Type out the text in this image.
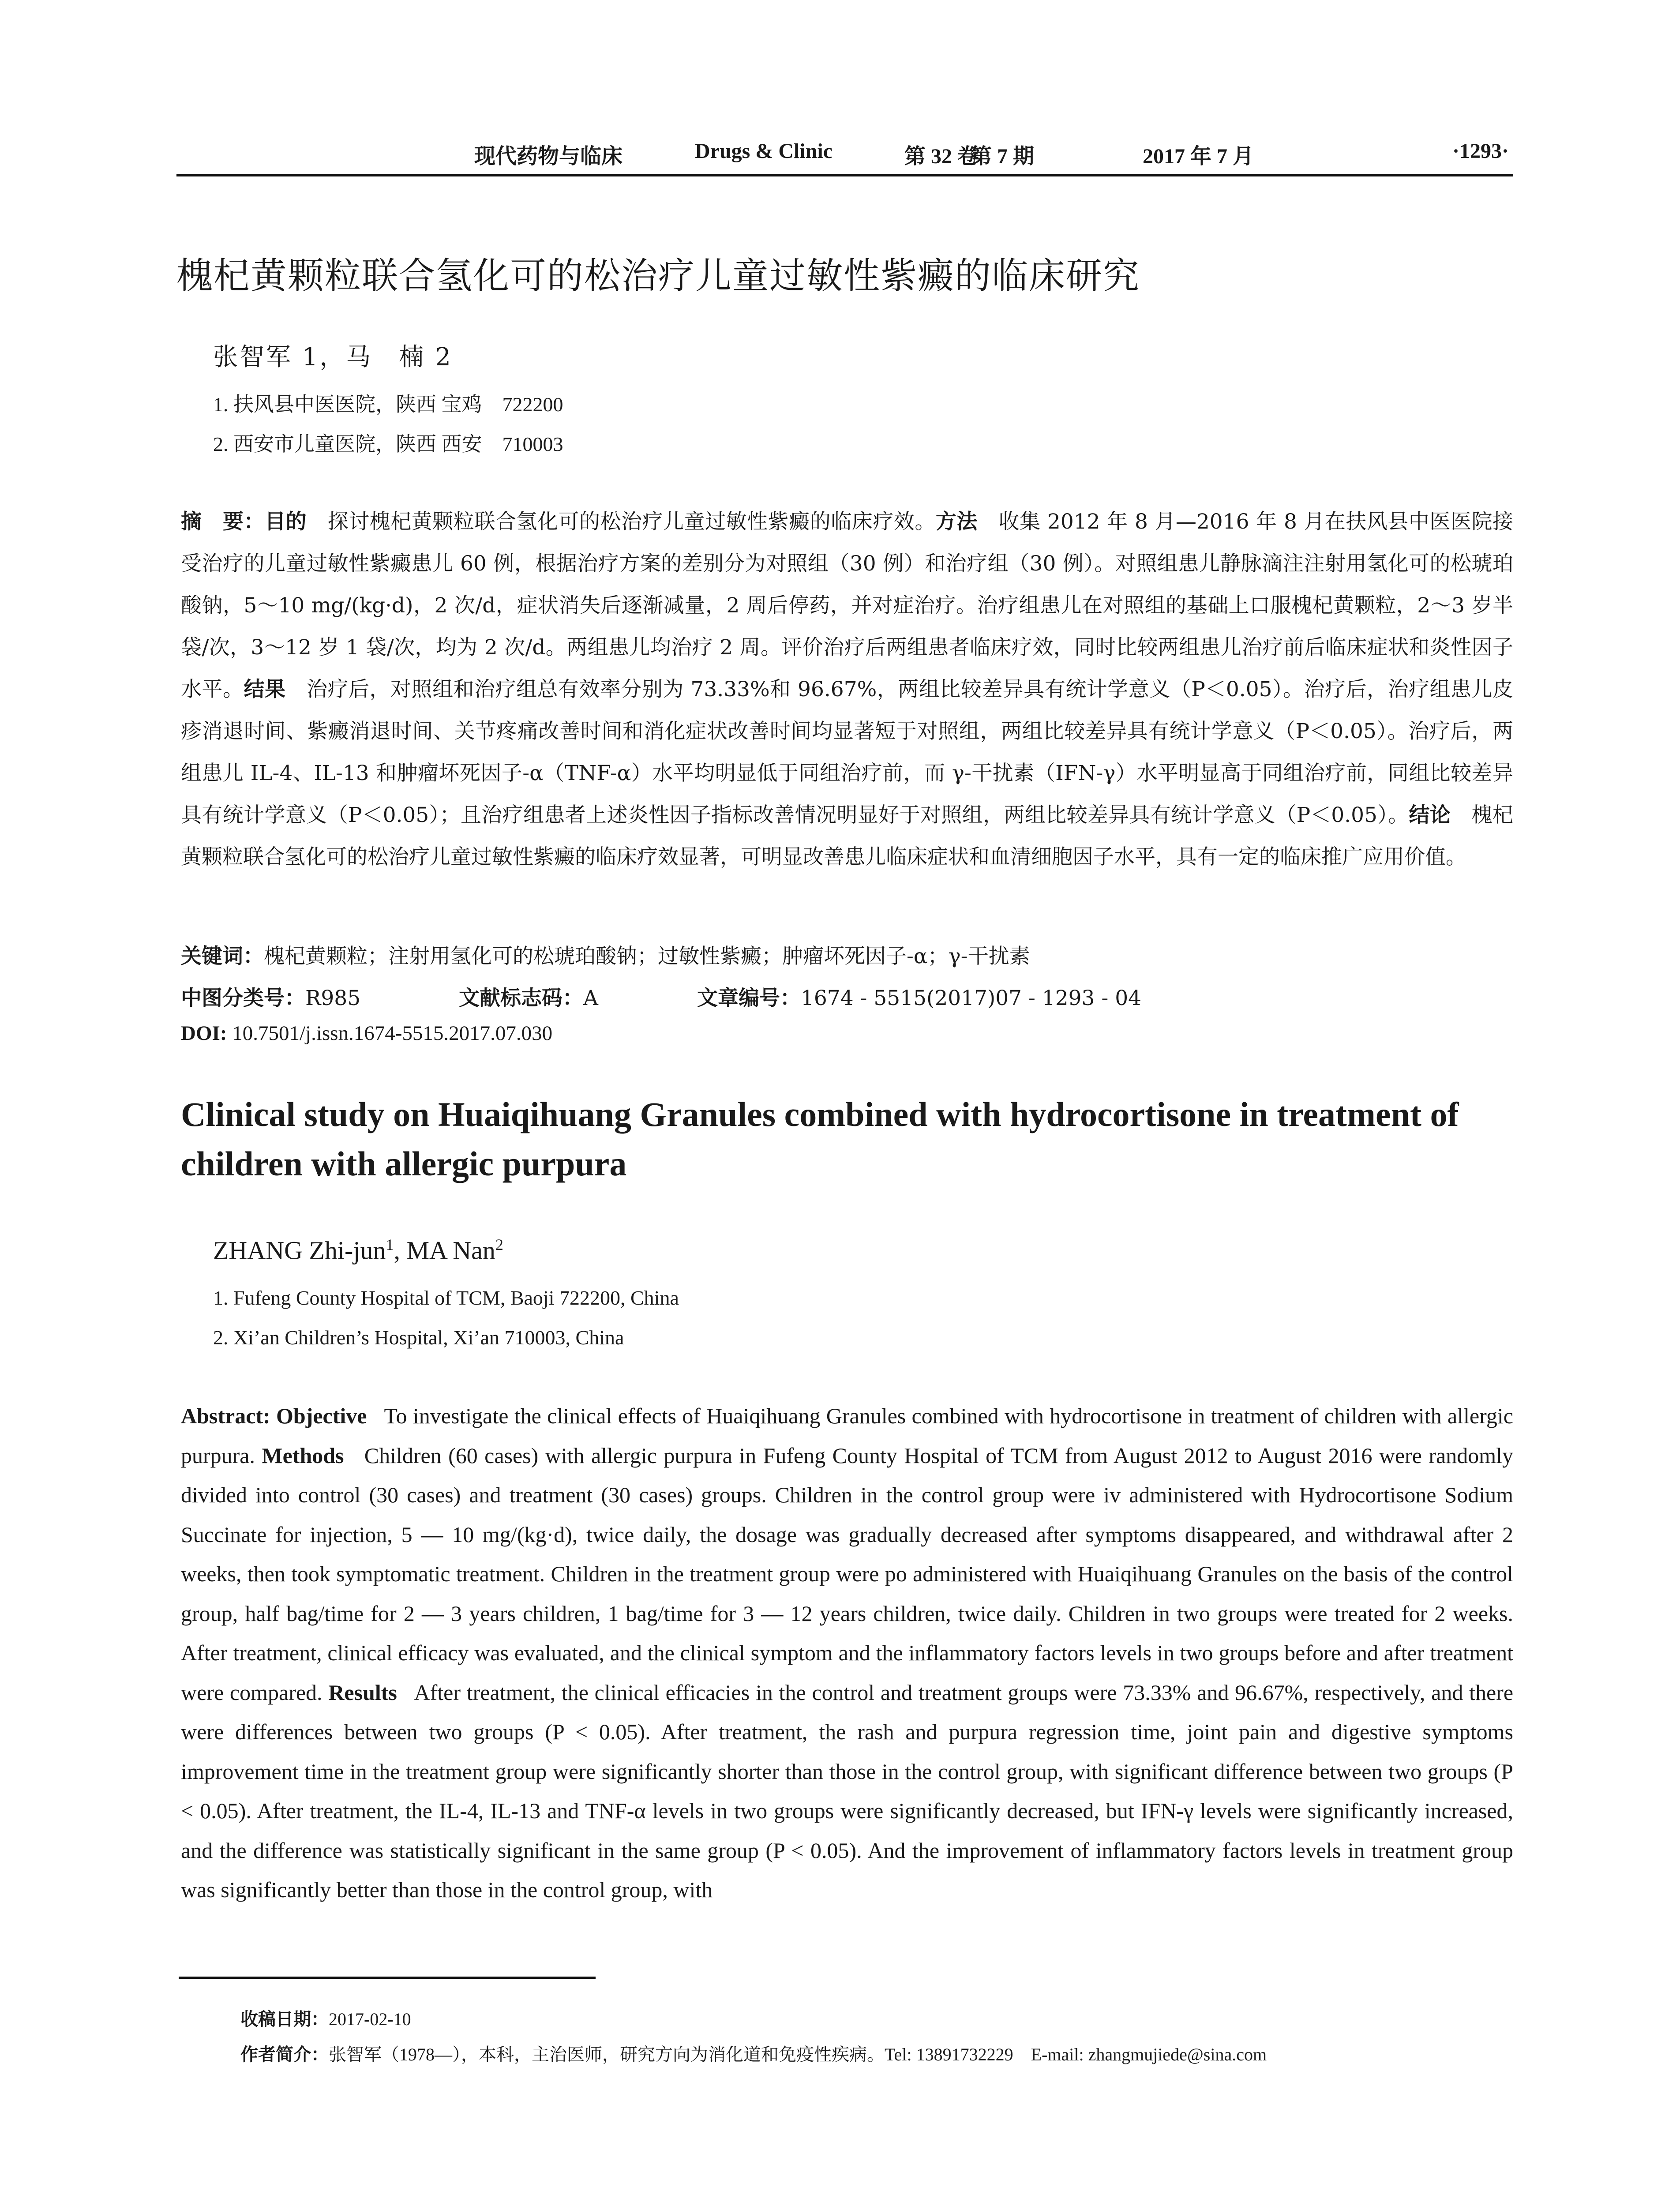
现代药物与临床	Drugs & Clinic	第 32 卷
第 7 期	2017 年 7 月	·1293·
槐杞黄颗粒联合氢化可的松治疗儿童过敏性紫癜的临床研究
张智军 1，马　楠 2
1. 扶风县中医医院，陕西 宝鸡　722200
2. 西安市儿童医院，陕西 西安　710003
摘　要：目的　 探讨槐杞黄颗粒联合氢化可的松治疗儿童过敏性紫癜的临床疗效。方法　 收集 2012 年 8 月—2016 年 8 月在扶风县中医医院接受治疗的儿童过敏性紫癜患儿 60 例，根据治疗方案的差别分为对照组（30 例）和治疗组（30 例）。对照组患儿静脉滴注注射用氢化可的松琥珀酸钠，5～10 mg/(kg·d)，2 次/d，症状消失后逐渐减量，2 周后停药，并对症治疗。治疗组患儿在对照组的基础上口服槐杞黄颗粒，2～3 岁半袋/次，3～12 岁 1 袋/次，均为 2 次/d。两组患儿均治疗 2 周。评价治疗后两组患者临床疗效，同时比较两组患儿治疗前后临床症状和炎性因子水平。结果　 治疗后，对照组和治疗组总有效率分别为 73.33%和 96.67%，两组比较差异具有统计学意义（P＜0.05）。治疗后，治疗组患儿皮疹消退时间、紫癜消退时间、关节疼痛改善时间和消化症状改善时间均显著短于对照组，两组比较差异具有统计学意义（P＜0.05）。治疗后，两组患儿 IL-4、IL-13 和肿瘤坏死因子-α（TNF-α）水平均明显低于同组治疗前，而 γ-干扰素（IFN-γ）水平明显高于同组治疗前，同组比较差异具有统计学意义（P＜0.05）；且治疗组患者上述炎性因子指标改善情况明显好于对照组，两组比较差异具有统计学意义（P＜0.05）。结论　 槐杞黄颗粒联合氢化可的松治疗儿童过敏性紫癜的临床疗效显著，可明显改善患儿临床症状和血清细胞因子水平，具有一定的临床推广应用价值。
关键词：槐杞黄颗粒；注射用氢化可的松琥珀酸钠；过敏性紫癜；肿瘤坏死因子-α；γ-干扰素
中图分类号：R985	文献标志码：A	文章编号：1674 - 5515(2017)07 - 1293 - 04
DOI: 10.7501/j.issn.1674-5515.2017.07.030
Clinical study on Huaiqihuang Granules combined with hydrocortisone in treatment of children with allergic purpura
ZHANG Zhi-jun$^1$, MA Nan$^2$
1. Fufeng County Hospital of TCM, Baoji 722200, China
2. Xi’an Children’s Hospital, Xi’an 710003, China
Abstract: Objective To investigate the clinical effects of Huaiqihuang Granules combined with hydrocortisone in treatment of children with allergic purpura. Methods Children (60 cases) with allergic purpura in Fufeng County Hospital of TCM from August 2012 to August 2016 were randomly divided into control (30 cases) and treatment (30 cases) groups. Children in the control group were iv administered with Hydrocortisone Sodium Succinate for injection, 5 — 10 mg/(kg·d), twice daily, the dosage was gradually decreased after symptoms disappeared, and withdrawal after 2 weeks, then took symptomatic treatment. Children in the treatment group were po administered with Huaiqihuang Granules on the basis of the control group, half bag/time for 2 — 3 years children, 1 bag/time for 3 — 12 years children, twice daily. Children in two groups were treated for 2 weeks. After treatment, clinical efficacy was evaluated, and the clinical symptom and the inflammatory factors levels in two groups before and after treatment were compared. Results After treatment, the clinical efficacies in the control and treatment groups were 73.33% and 96.67%, respectively, and there were differences between two groups (P < 0.05). After treatment, the rash and purpura regression time, joint pain and digestive symptoms improvement time in the treatment group were significantly shorter than those in the control group, with significant difference between two groups (P < 0.05). After treatment, the IL-4, IL-13 and TNF-α levels in two groups were significantly decreased, but IFN-γ levels were significantly increased, and the difference was statistically significant in the same group (P < 0.05). And the improvement of inflammatory factors levels in treatment group was significantly better than those in the control group, with
收稿日期：2017-02-10
作者简介：张智军（1978—），本科，主治医师，研究方向为消化道和免疫性疾病。Tel: 13891732229　E-mail: zhangmujiede@sina.com
